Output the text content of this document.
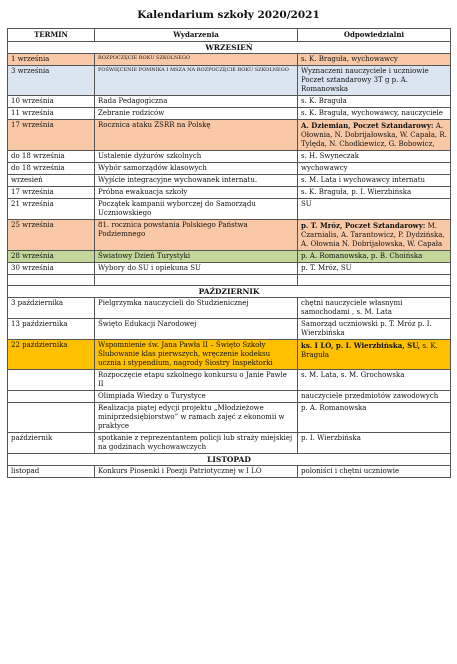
Kalendarium szkoły 2020/2021
TERMIN	Wydarzenia	Odpowiedzialni
WRZESIEŃ		
1 września	ROZPOCZĘCIE ROKU SZKOLNEGO	s. K. Braguła, wychowawcy
3 września	POŚWIĘCENIE POMNIKA I MSZA NA ROZPOCZĘCIE ROKU SZKOLNEGO	Wyznaczeni nauczyciele i uczniowie Poczet sztandarowy 3T g p. A. Romanowska
10 września	Rada Pedagogiczna	s. K. Braguła
11 września	Zebranie rodziców	s. K. Braguła, wychowawcy, nauczyciele
17 września	Rocznica ataku ZSRR na Polskę	A. Dziemian, Poczet Sztandarowy: A. Ołownia, N. Dobrijałowska, W. Capała, R. Tylęda, N. Chodkiewicz, G. Bobowicz,
do 18 września	Ustalenie dyżurów szkolnych	s. H. Swyneczak
do 18 września	Wybór samorządów klasowych	wychowawcy
wrzesień	Wyjście integracyjne wychowanek internatu.	s. M. Lata i wychowawcy internatu
17 września	Próbna ewakuacja szkoły	s. K. Braguła, p. I. Wierzbińska
21 września	Początek kampanii wyborczej do Samorządu Uczniowskiego	SU
25 września	81. rocznica powstania Polskiego Państwa Podziemnego	p. T. Mróz, Poczet Sztandarowy: M. Czarnialis, A. Tarantowicz, P. Dydzińska, A. Ołownia N. Dobrijałowska, W. Capała
28 września	Światowy Dzień Turystyki	p. A. Romanowska, p. B. Choińska
30 września	Wybory do SU i opiekuna SU	p. T. Mróz, SU

PAŹDZIERNIK		
3 października	Pielgrzymka nauczycieli do Studzienicznej	chętni nauczyciele własnymi samochodami , s. M. Lata
13 października	Święto Edukacji Narodowej	Samorząd uczniowski p. T. Mróz p. I. Wierzbińska
22 października	Wspomnienie św. Jana Pawła II – Święto Szkoły Ślubowanie klas pierwszych, wręczenie kodeksu ucznia i stypendium, nagrody Siostry Inspektorki	ks. I LO, p. I. Wierzbińska, SU, s. K. Braguła
	Rozpoczęcie etapu szkolnego konkursu o Janie Pawle II	s. M. Lata, s. M. Grochowska
	Olimpiada Wiedzy o Turystyce	nauczyciele przedmiotów zawodowych
	Realizacja piątej edycji projektu „Młodzieżowe miniprzedsiębiorstwo” w ramach zajęć z ekonomii w praktyce	p. A. Romanowska
październik	spotkanie z reprezentantem policji lub straży miejskiej na godzinach wychowawczych	p. I. Wierzbińska
LISTOPAD		
listopad	Konkurs Piosenki i Poezji Patriotycznej w I LO	poloniści i chętni uczniowie
